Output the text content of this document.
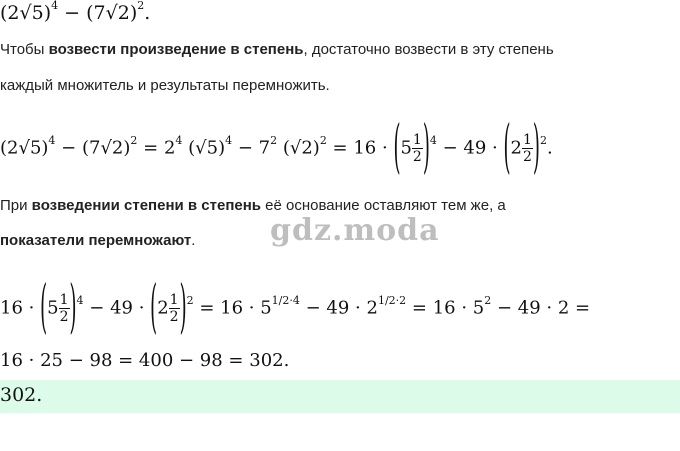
$(2√5)^4 - (7√2)^2$.
Чтобы возвести произведение в степень, достаточно возвести в эту степень
каждый множитель и результаты перемножить.
$(2√5)^4 - (7√2)^2 = 2^4$ $(√5)^4 - 7^2$ $(√2)^2 = 16 \cdot (5 \frac{1}{2} )^4 - 49 \cdot (2 \frac{1}{2} )^2$.
При возведении степени в степень её основание оставляют тем же, а
показатели перемножают. gdz.moda
$16 \cdot (5 \frac{1}{2} )^4 - 49 \cdot (2 \frac{1}{2} )^2 = 16 \cdot 5^{1/2\cdot 4} - 49 \cdot 2^{1/2\cdot 2} = 16 \cdot 5^2 - 49 \cdot 2$ =
16 · 25 − 98 = 400 − 98 = 302.
302.
